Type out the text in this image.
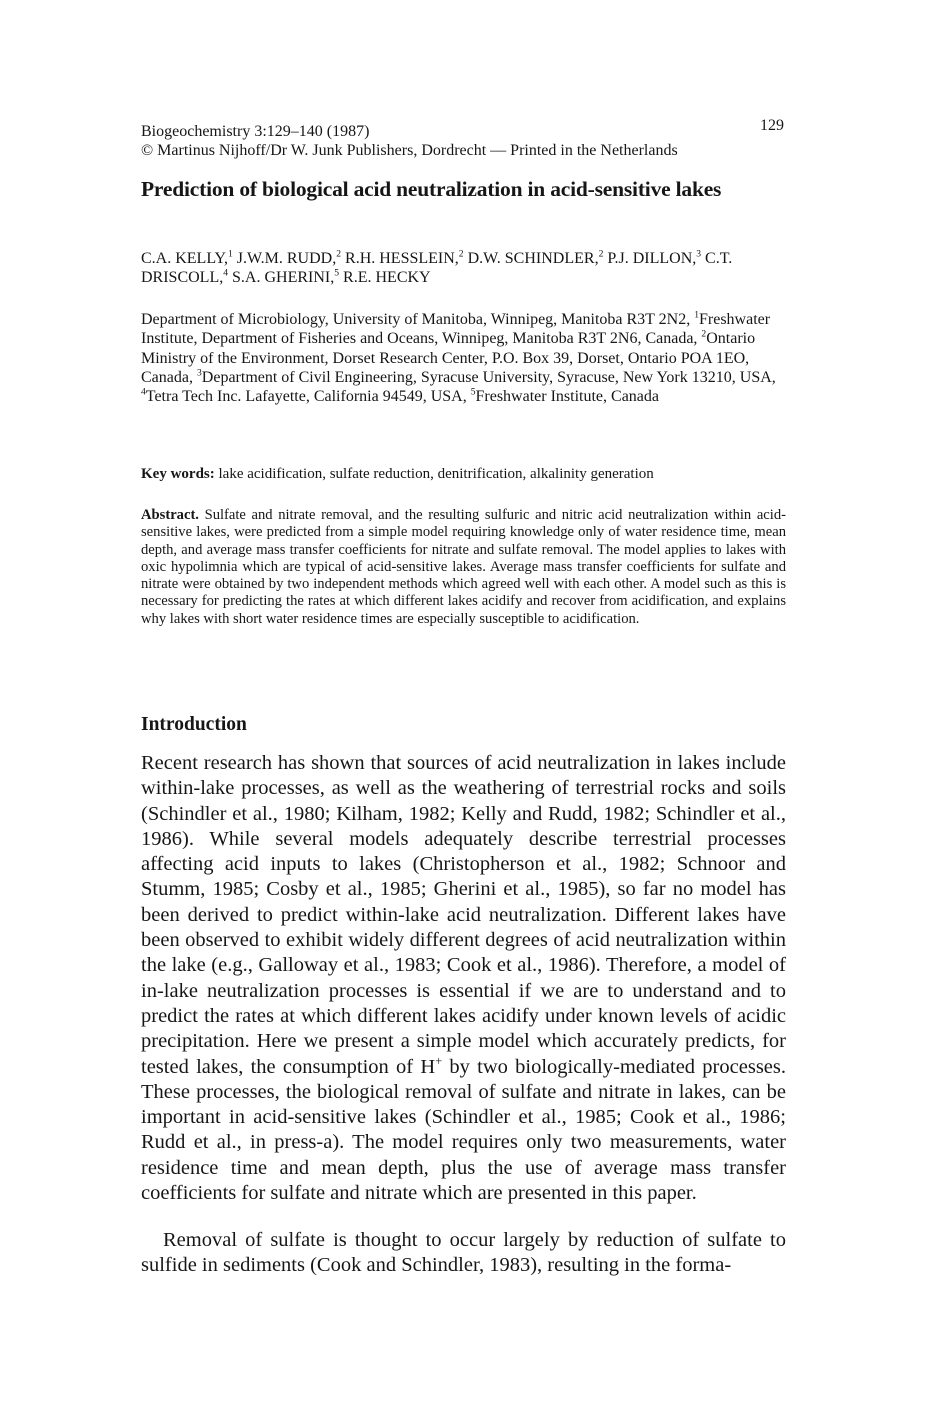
Biogeochemistry 3:129–140 (1987)
© Martinus Nijhoff/Dr W. Junk Publishers, Dordrecht — Printed in the Netherlands
129
Prediction of biological acid neutralization in acid-sensitive lakes
C.A. KELLY,$^1$ J.W.M. RUDD,$^2$ R.H. HESSLEIN,$^2$ D.W. SCHINDLER,$^2$ P.J. DILLON,$^3$ C.T. DRISCOLL,$^4$ S.A. GHERINI,$^5$ R.E. HECKY
Department of Microbiology, University of Manitoba, Winnipeg, Manitoba R3T 2N2, $^1$Freshwater Institute, Department of Fisheries and Oceans, Winnipeg, Manitoba R3T 2N6, Canada, $^2$Ontario Ministry of the Environment, Dorset Research Center, P.O. Box 39, Dorset, Ontario POA 1EO, Canada, $^3$Department of Civil Engineering, Syracuse University, Syracuse, New York 13210, USA, $^4$Tetra Tech Inc. Lafayette, California 94549, USA, $^5$Freshwater Institute, Canada
Key words: lake acidification, sulfate reduction, denitrification, alkalinity generation
Abstract. Sulfate and nitrate removal, and the resulting sulfuric and nitric acid neutralization within acid-sensitive lakes, were predicted from a simple model requiring knowledge only of water residence time, mean depth, and average mass transfer coefficients for nitrate and sulfate removal. The model applies to lakes with oxic hypolimnia which are typical of acid-sensitive lakes. Average mass transfer coefficients for sulfate and nitrate were obtained by two independent methods which agreed well with each other. A model such as this is necessary for predicting the rates at which different lakes acidify and recover from acidification, and explains why lakes with short water residence times are especially susceptible to acidification.
Introduction
Recent research has shown that sources of acid neutralization in lakes include within-lake processes, as well as the weathering of terrestrial rocks and soils (Schindler et al., 1980; Kilham, 1982; Kelly and Rudd, 1982; Schindler et al., 1986). While several models adequately describe terrestrial processes affecting acid inputs to lakes (Christopherson et al., 1982; Schnoor and Stumm, 1985; Cosby et al., 1985; Gherini et al., 1985), so far no model has been derived to predict within-lake acid neutralization. Different lakes have been observed to exhibit widely different degrees of acid neutralization within the lake (e.g., Galloway et al., 1983; Cook et al., 1986). Therefore, a model of in-lake neutralization processes is essential if we are to understand and to predict the rates at which different lakes acidify under known levels of acidic precipitation. Here we present a simple model which accurately predicts, for tested lakes, the consumption of H+ by two biologically-mediated processes. These processes, the biological removal of sulfate and nitrate in lakes, can be important in acid-sensitive lakes (Schindler et al., 1985; Cook et al., 1986; Rudd et al., in press-a). The model requires only two measurements, water residence time and mean depth, plus the use of average mass transfer coefficients for sulfate and nitrate which are presented in this paper.
Removal of sulfate is thought to occur largely by reduction of sulfate to sulfide in sediments (Cook and Schindler, 1983), resulting in the forma-
